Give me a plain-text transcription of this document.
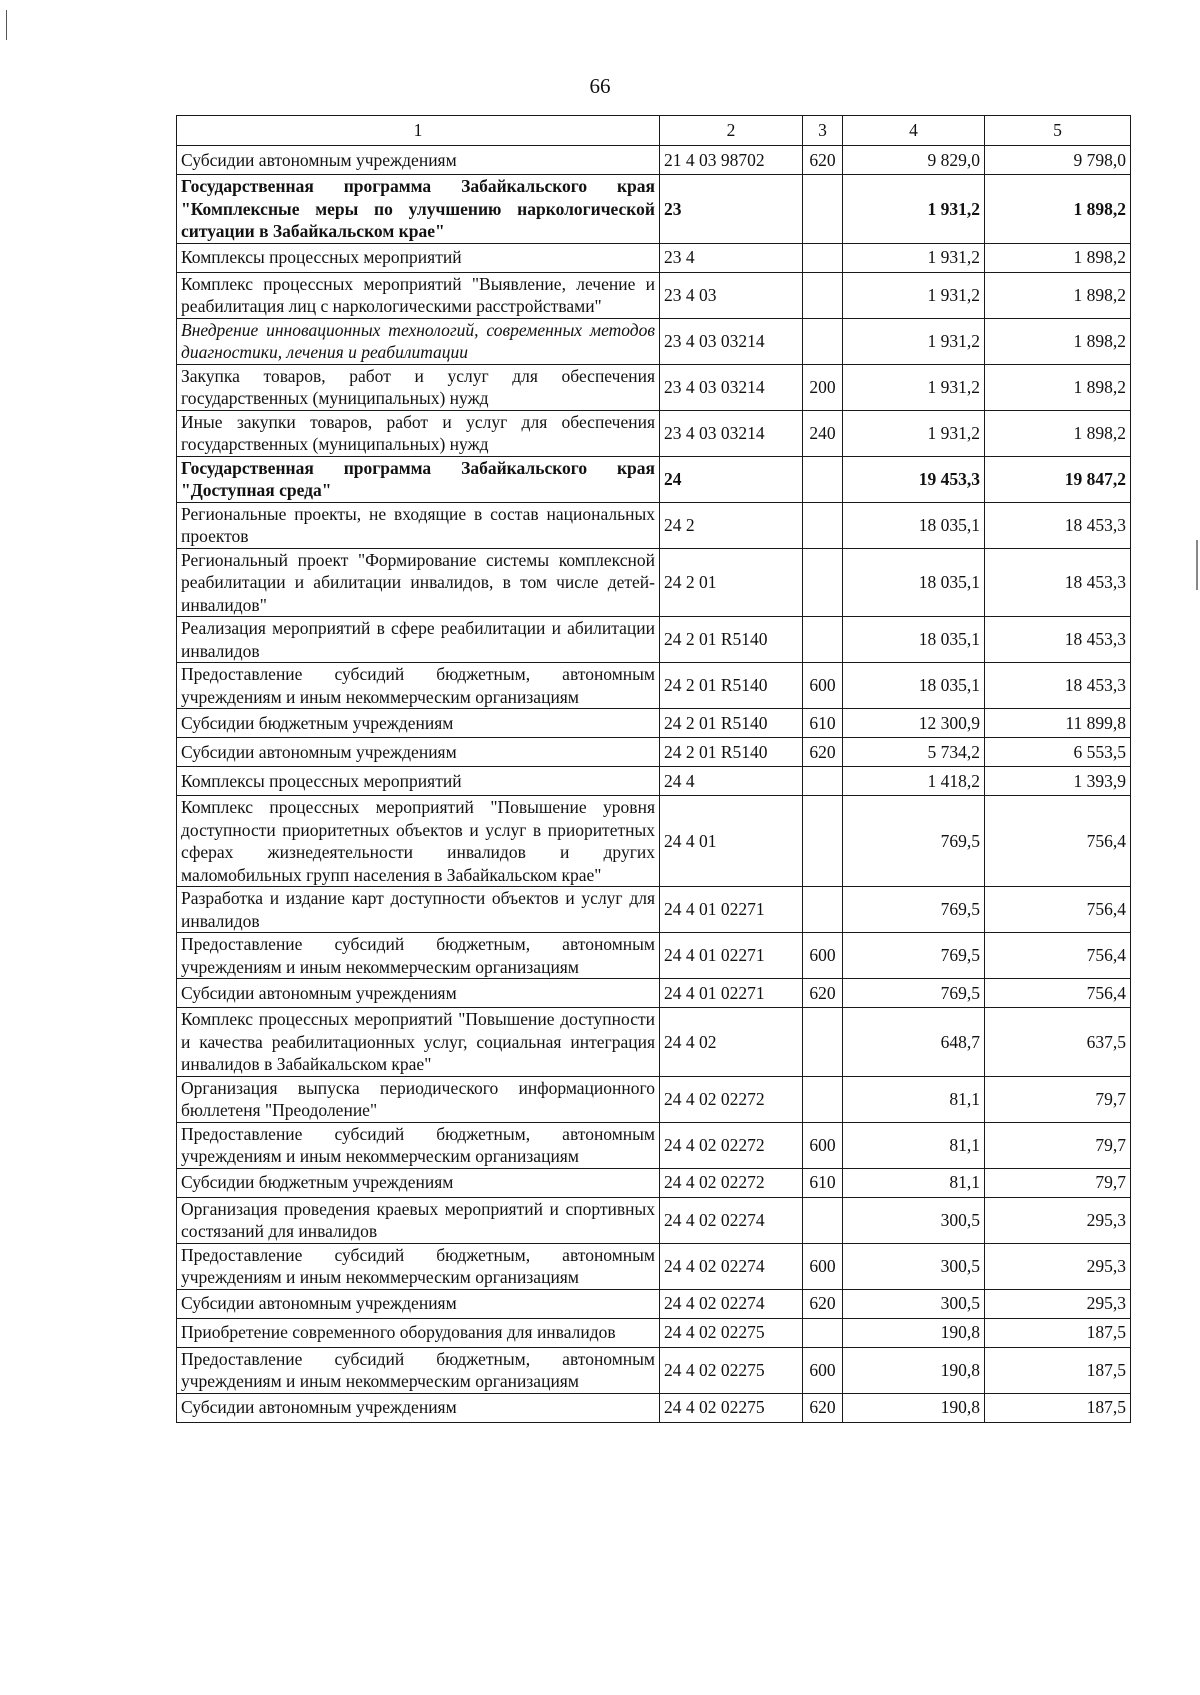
66
1	2	3	4	5
Субсидии автономным учреждениям	21 4 03 98702	620	9 829,0	9 798,0
Государственная программа Забайкальского края "Комплексные меры по улучшению наркологической ситуации в Забайкальском крае"	23		1 931,2	1 898,2
Комплексы процессных мероприятий	23 4		1 931,2	1 898,2
Комплекс процессных мероприятий "Выявление, лечение и реабилитация лиц с наркологическими расстройствами"	23 4 03		1 931,2	1 898,2
Внедрение инновационных технологий, современных методов диагностики, лечения и реабилитации	23 4 03 03214		1 931,2	1 898,2
Закупка товаров, работ и услуг для обеспечения государственных (муниципальных) нужд	23 4 03 03214	200	1 931,2	1 898,2
Иные закупки товаров, работ и услуг для обеспечения государственных (муниципальных) нужд	23 4 03 03214	240	1 931,2	1 898,2
Государственная программа Забайкальского края "Доступная среда"	24		19 453,3	19 847,2
Региональные проекты, не входящие в состав национальных проектов	24 2		18 035,1	18 453,3
Региональный проект "Формирование системы комплексной реабилитации и абилитации инвалидов, в том числе детей-инвалидов"	24 2 01		18 035,1	18 453,3
Реализация мероприятий в сфере реабилитации и абилитации инвалидов	24 2 01 R5140		18 035,1	18 453,3
Предоставление субсидий бюджетным, автономным учреждениям и иным некоммерческим организациям	24 2 01 R5140	600	18 035,1	18 453,3
Субсидии бюджетным учреждениям	24 2 01 R5140	610	12 300,9	11 899,8
Субсидии автономным учреждениям	24 2 01 R5140	620	5 734,2	6 553,5
Комплексы процессных мероприятий	24 4		1 418,2	1 393,9
Комплекс процессных мероприятий "Повышение уровня доступности приоритетных объектов и услуг в приоритетных сферах жизнедеятельности инвалидов и других маломобильных групп населения в Забайкальском крае"	24 4 01		769,5	756,4
Разработка и издание карт доступности объектов и услуг для инвалидов	24 4 01 02271		769,5	756,4
Предоставление субсидий бюджетным, автономным учреждениям и иным некоммерческим организациям	24 4 01 02271	600	769,5	756,4
Субсидии автономным учреждениям	24 4 01 02271	620	769,5	756,4
Комплекс процессных мероприятий "Повышение доступности и качества реабилитационных услуг, социальная интеграция инвалидов в Забайкальском крае"	24 4 02		648,7	637,5
Организация выпуска периодического информационного бюллетеня "Преодоление"	24 4 02 02272		81,1	79,7
Предоставление субсидий бюджетным, автономным учреждениям и иным некоммерческим организациям	24 4 02 02272	600	81,1	79,7
Субсидии бюджетным учреждениям	24 4 02 02272	610	81,1	79,7
Организация проведения краевых мероприятий и спортивных состязаний для инвалидов	24 4 02 02274		300,5	295,3
Предоставление субсидий бюджетным, автономным учреждениям и иным некоммерческим организациям	24 4 02 02274	600	300,5	295,3
Субсидии автономным учреждениям	24 4 02 02274	620	300,5	295,3
Приобретение современного оборудования для инвалидов	24 4 02 02275		190,8	187,5
Предоставление субсидий бюджетным, автономным учреждениям и иным некоммерческим организациям	24 4 02 02275	600	190,8	187,5
Субсидии автономным учреждениям	24 4 02 02275	620	190,8	187,5
